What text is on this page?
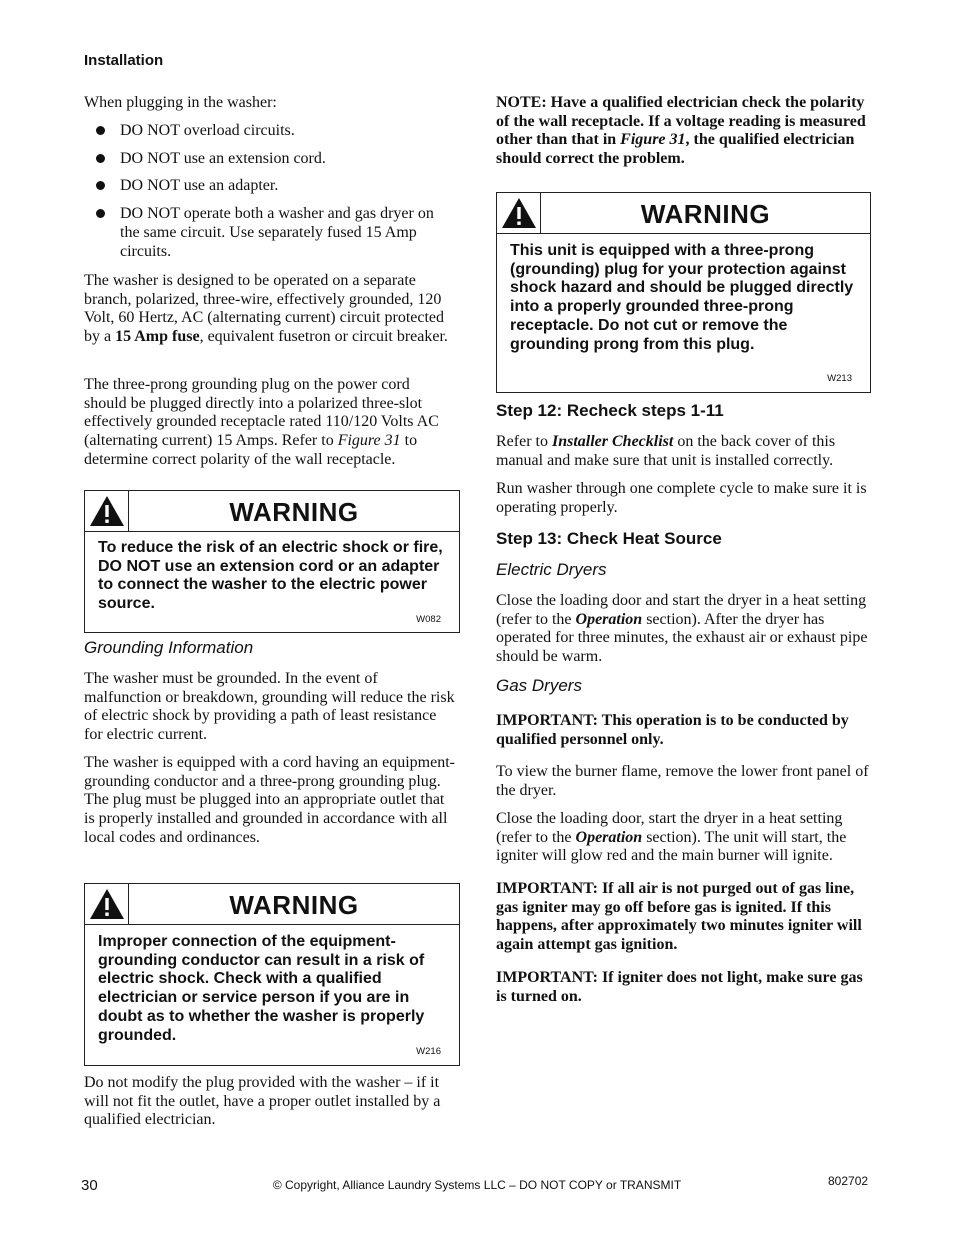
Installation

When plugging in the washer:

DO NOT overload circuits.
DO NOT use an extension cord.
DO NOT use an adapter.
DO NOT operate both a washer and gas dryer on the same circuit. Use separately fused 15 Amp circuits.

The washer is designed to be operated on a separate branch, polarized, three-wire, effectively grounded, 120 Volt, 60 Hertz, AC (alternating current) circuit protected by a 15 Amp fuse, equivalent fusetron or circuit breaker.

The three-prong grounding plug on the power cord should be plugged directly into a polarized three-slot effectively grounded receptacle rated 110/120 Volts AC (alternating current) 15 Amps. Refer to Figure 31 to determine correct polarity of the wall receptacle.

WARNING
To reduce the risk of an electric shock or fire, DO NOT use an extension cord or an adapter to connect the washer to the electric power source.
W082
Grounding Information

The washer must be grounded. In the event of malfunction or breakdown, grounding will reduce the risk of electric shock by providing a path of least resistance for electric current.

The washer is equipped with a cord having an equipment-grounding conductor and a three-prong grounding plug. The plug must be plugged into an appropriate outlet that is properly installed and grounded in accordance with all local codes and ordinances.

WARNING
Improper connection of the equipment-grounding conductor can result in a risk of electric shock. Check with a qualified electrician or service person if you are in doubt as to whether the washer is properly grounded.
W216

Do not modify the plug provided with the washer – if it will not fit the outlet, have a proper outlet installed by a qualified electrician.

NOTE: Have a qualified electrician check the polarity of the wall receptacle. If a voltage reading is measured other than that in Figure 31, the qualified electrician should correct the problem.

WARNING
This unit is equipped with a three-prong (grounding) plug for your protection against shock hazard and should be plugged directly into a properly grounded three-prong receptacle. Do not cut or remove the grounding prong from this plug.
W213
Step 12: Recheck steps 1-11

Refer to Installer Checklist on the back cover of this manual and make sure that unit is installed correctly.

Run washer through one complete cycle to make sure it is operating properly.

Step 13: Check Heat Source
Electric Dryers

Close the loading door and start the dryer in a heat setting (refer to the Operation section). After the dryer has operated for three minutes, the exhaust air or exhaust pipe should be warm.

Gas Dryers

IMPORTANT: This operation is to be conducted by qualified personnel only.

To view the burner flame, remove the lower front panel of the dryer.

Close the loading door, start the dryer in a heat setting (refer to the Operation section). The unit will start, the igniter will glow red and the main burner will ignite.

IMPORTANT: If all air is not purged out of gas line, gas igniter may go off before gas is ignited. If this happens, after approximately two minutes igniter will again attempt gas ignition.

IMPORTANT: If igniter does not light, make sure gas is turned on.

30	© Copyright, Alliance Laundry Systems LLC – DO NOT COPY or TRANSMIT	802702
